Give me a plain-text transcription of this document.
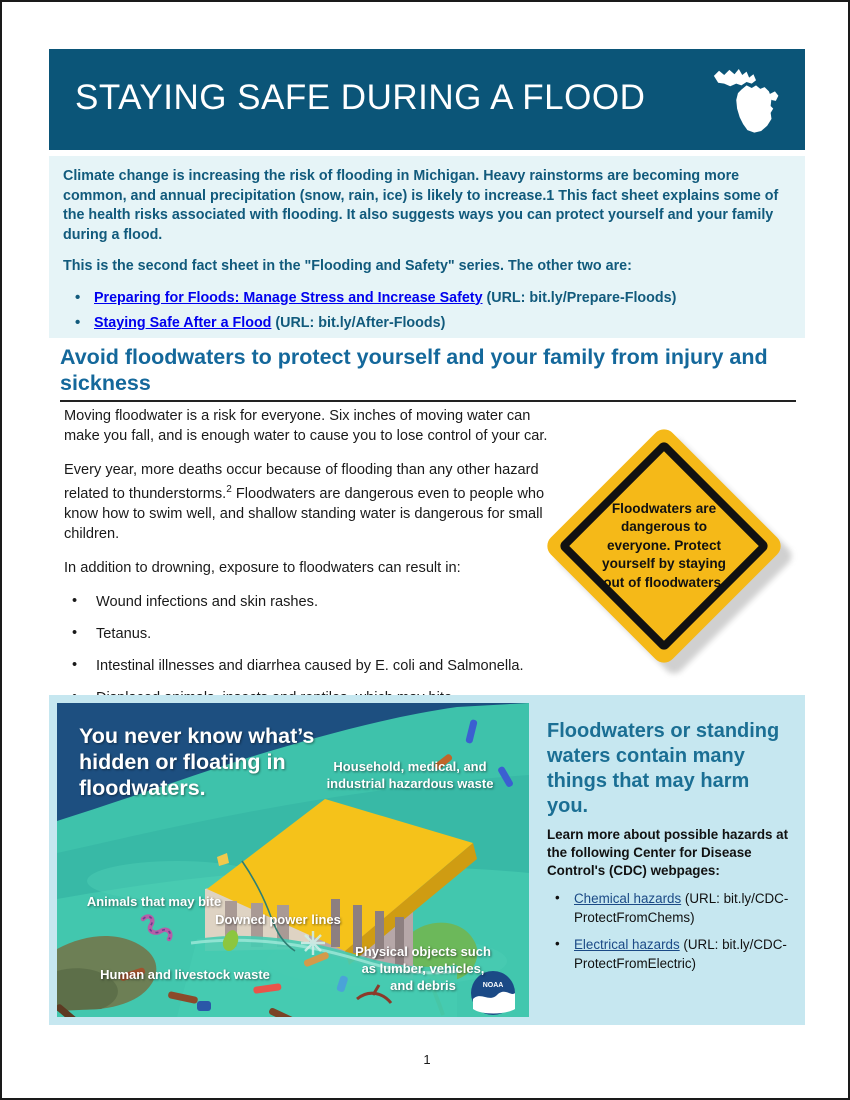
STAYING SAFE DURING A FLOOD

Climate change is increasing the risk of flooding in Michigan. Heavy rainstorms are becoming more common, and annual precipitation (snow, rain, ice) is likely to increase.1 This fact sheet explains some of the health risks associated with flooding. It also suggests ways you can protect yourself and your family during a flood.

This is the second fact sheet in the "Flooding and Safety" series. The other two are:

• Preparing for Floods: Manage Stress and Increase Safety (URL: bit.ly/Prepare-Floods)
• Staying Safe After a Flood (URL: bit.ly/After-Floods)
Avoid floodwaters to protect yourself and your family from injury and sickness

Moving floodwater is a risk for everyone. Six inches of moving water can make you fall, and is enough water to cause you to lose control of your car.

Every year, more deaths occur because of flooding than any other hazard related to thunderstorms.$^2$ Floodwaters are dangerous even to people who know how to swim well, and shallow standing water is dangerous for small children.

In addition to drowning, exposure to floodwaters can result in:

• Wound infections and skin rashes.
• Tetanus.
• Intestinal illnesses and diarrhea caused by E. coli and Salmonella.
Floodwaters are dangerous to everyone. Protect yourself by staying out of floodwaters.
NOAA
You never know what’s hidden or floating in floodwaters.
Household, medical, and industrial hazardous waste
Animals that may bite
Downed power lines
Human and livestock waste
Physical objects such as lumber, vehicles, and debris
Floodwaters or standing waters contain many things that may harm you.

Learn more about possible hazards at the following Center for Disease Control's (CDC) webpages:

• Chemical hazards (URL: bit.ly/CDC-ProtectFromChems)
• Electrical hazards (URL: bit.ly/CDC-ProtectFromElectric)
1
